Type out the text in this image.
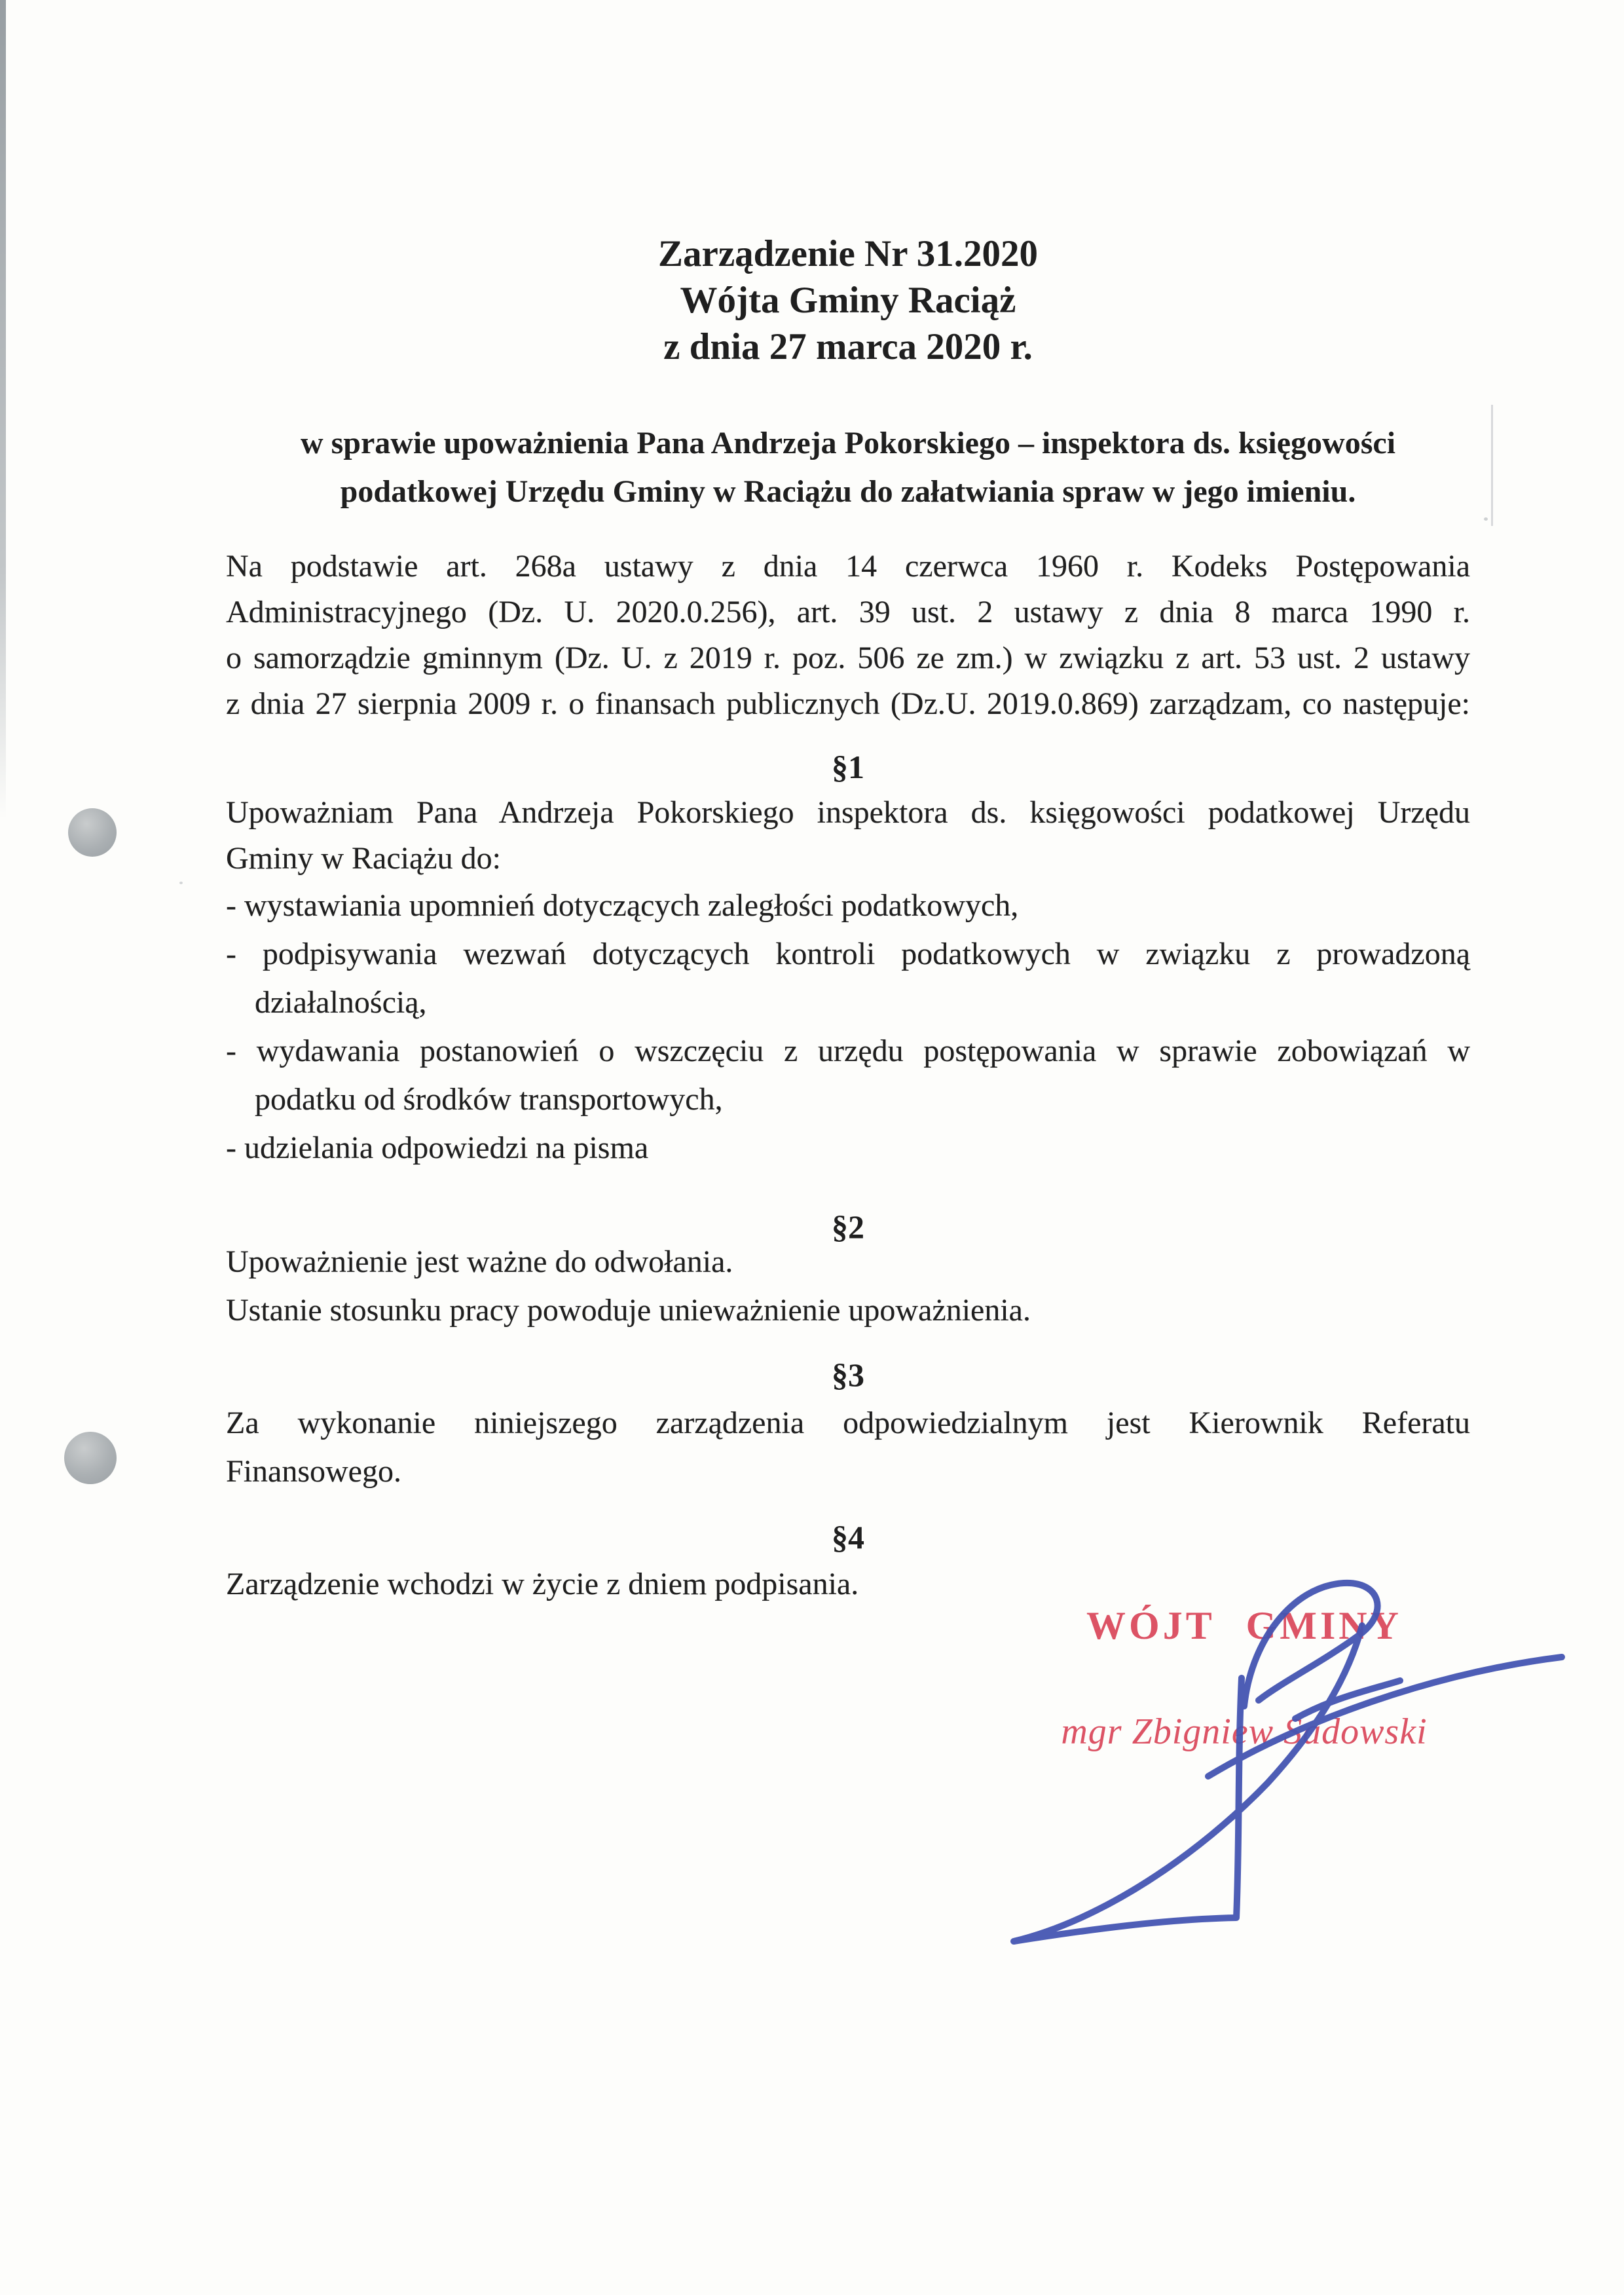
Zarządzenie Nr 31.2020
Wójta Gminy Raciąż
z dnia 27 marca 2020 r.
w sprawie upoważnienia Pana Andrzeja Pokorskiego – inspektora ds. księgowości
podatkowej Urzędu Gminy w Raciążu do załatwiania spraw w jego imieniu.
Na podstawie art. 268a ustawy z dnia 14 czerwca 1960 r. Kodeks Postępowania
Administracyjnego (Dz. U. 2020.0.256), art. 39 ust. 2 ustawy z dnia 8 marca 1990 r.
o samorządzie gminnym (Dz. U. z 2019 r. poz. 506 ze zm.) w związku z art. 53 ust. 2 ustawy
z dnia 27 sierpnia 2009 r. o finansach publicznych (Dz.U. 2019.0.869) zarządzam, co następuje:
§1
Upoważniam Pana Andrzeja Pokorskiego inspektora ds. księgowości podatkowej Urzędu
Gminy w Raciążu do:
- wystawiania upomnień dotyczących zaległości podatkowych,
- podpisywania wezwań dotyczących kontroli podatkowych w związku z prowadzoną
działalnością,
- wydawania postanowień o wszczęciu z urzędu postępowania w sprawie zobowiązań w
podatku od środków transportowych,
- udzielania odpowiedzi na pisma
§2
Upoważnienie jest ważne do odwołania.
Ustanie stosunku pracy powoduje unieważnienie upoważnienia.
§3
Za wykonanie niniejszego zarządzenia odpowiedzialnym jest Kierownik Referatu
Finansowego.
§4
Zarządzenie wchodzi w życie z dniem podpisania.
WÓJT GMINY
mgr Zbigniew Sadowski
